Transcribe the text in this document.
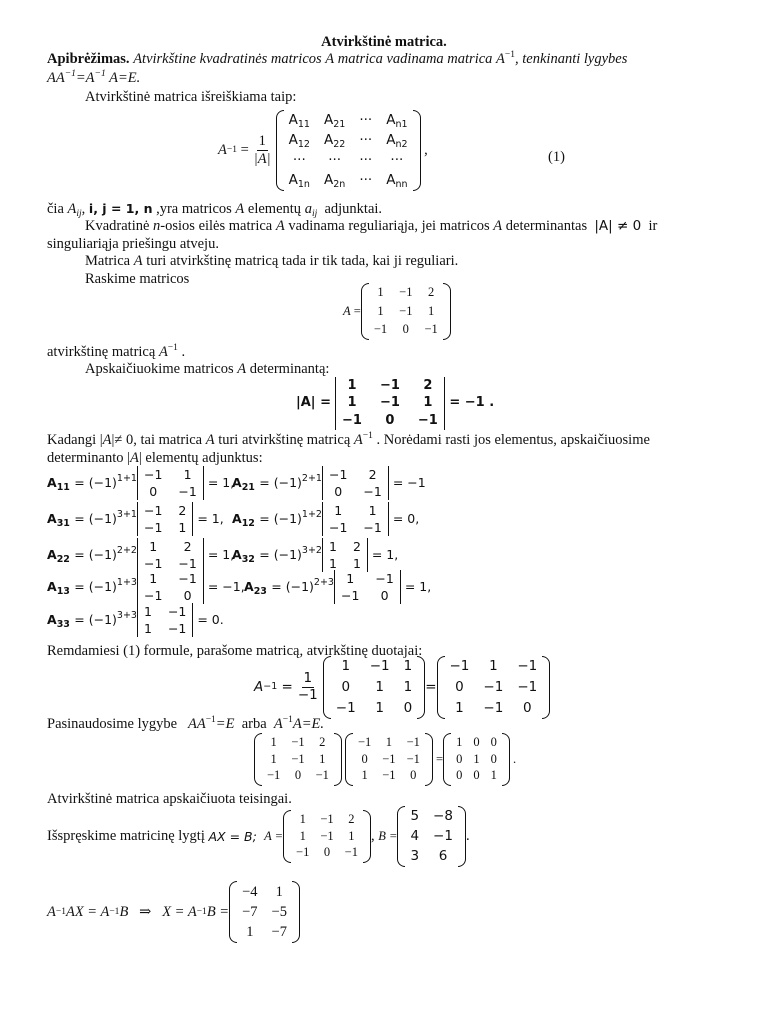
Atvirkštinė matrica.
Apibrėžimas. Atvirkštine kvadratinės matricos A matrica vadinama matrica $A^{-1}$, tenkinanti lygybes
$AA^{-1}=A^{-1}$ A=E.
Atvirkštinė matrica išreiškiama taip:
$A -1 = \frac{1}{|A|}$
$A_{11}$ $A_{21}$ ··· $A_{n1}$
$A_{12}$ $A_{22}$ ··· $A_{n2}$
··· ··· ··· ···
$A_{1n}$ $A_{2n}$ ··· $A_{nn}$

,	(1)
čia $A_{ij}$, i, j = 1, n ,yra matricos A elementų $a_{ij}$ adjunktai.
Kvadratinė n-osios eilės matrica A vadinama reguliariąja, jei matricos A determinantas |A| ≠ 0 ir
singuliariąja priešingu atveju.
Matrica A turi atvirkštinę matricą tada ir tik tada, kai ji reguliari.
Raskime matricos
A =
1 −1 2
1 −1 1
−1 0 −1
atvirkštinę matricą $A^{-1}$ .
Apskaičiuokime matricos A determinantą:
|A| =
1 −1 2
1 −1 1
−1 0 −1

= −1 .
Kadangi |A|≠ 0, tai matrica A turi atvirkštinę matricą $A^{-1}$ . Norėdami rasti jos elementus, apskaičiuosime
determinanto |A| elementų adjunktus:
$A_{11}$
= $(-1)^{1+1} -1$ 1
0 −1
= 1,
$A_{21}$
= $(-1)^{2+1} -1$ 2
0 −1
= −1
$A_{31}$
= $(-1)^{3+1} -1$ 2
−1 1
= 1, $A_{12}$
= $(-1)^{1+2}$ 1 1
−1 −1
= 0,
$A_{22}$
= $(-1)^{2+2}$ 1 2
−1 −1
= 1,
$A_{32}$
= $(-1)^{3+2}$ 1 2
1 1
= 1,
$A_{13}$
= $(-1)^{1+3}$ 1 −1
−1 0
= −1, $A_{23}$
= $(-1)^{2+3}$ 1 −1
−1 0
= 1,
$A_{33}$
= $(-1)^{3+3}$ 1 −1
1 −1
= 0.
Remdamiesi (1) formule, parašome matricą, atvirkštinę duotajai:
$A -1 = \frac{1}{-1}$
1 −1 1
0 1 1
−1 1 0
=
−1 1 −1
0 −1 −1
1 −1 0
Pasinaudosime lygybe $AA^{-1}=E$ arba $A^{-1}A=E$.
1 −1 2
1 −1 1
−1 0 −1
−1 1 −1
0 −1 −1
1 −1 0

=
1 0 0
0 1 0
0 0 1

.
Atvirkštinė matrica apskaičiuota teisingai.
Išspręskime matricinę lygtį
AX = B;
A =
1 −1 2
1 −1 1
−1 0 −1
,
B =
5 −8
4 −1
3 6
.
A −1 AX = A −1 B
⇒
X = A −1 B =
−4 1
−7 −5
1 −7
